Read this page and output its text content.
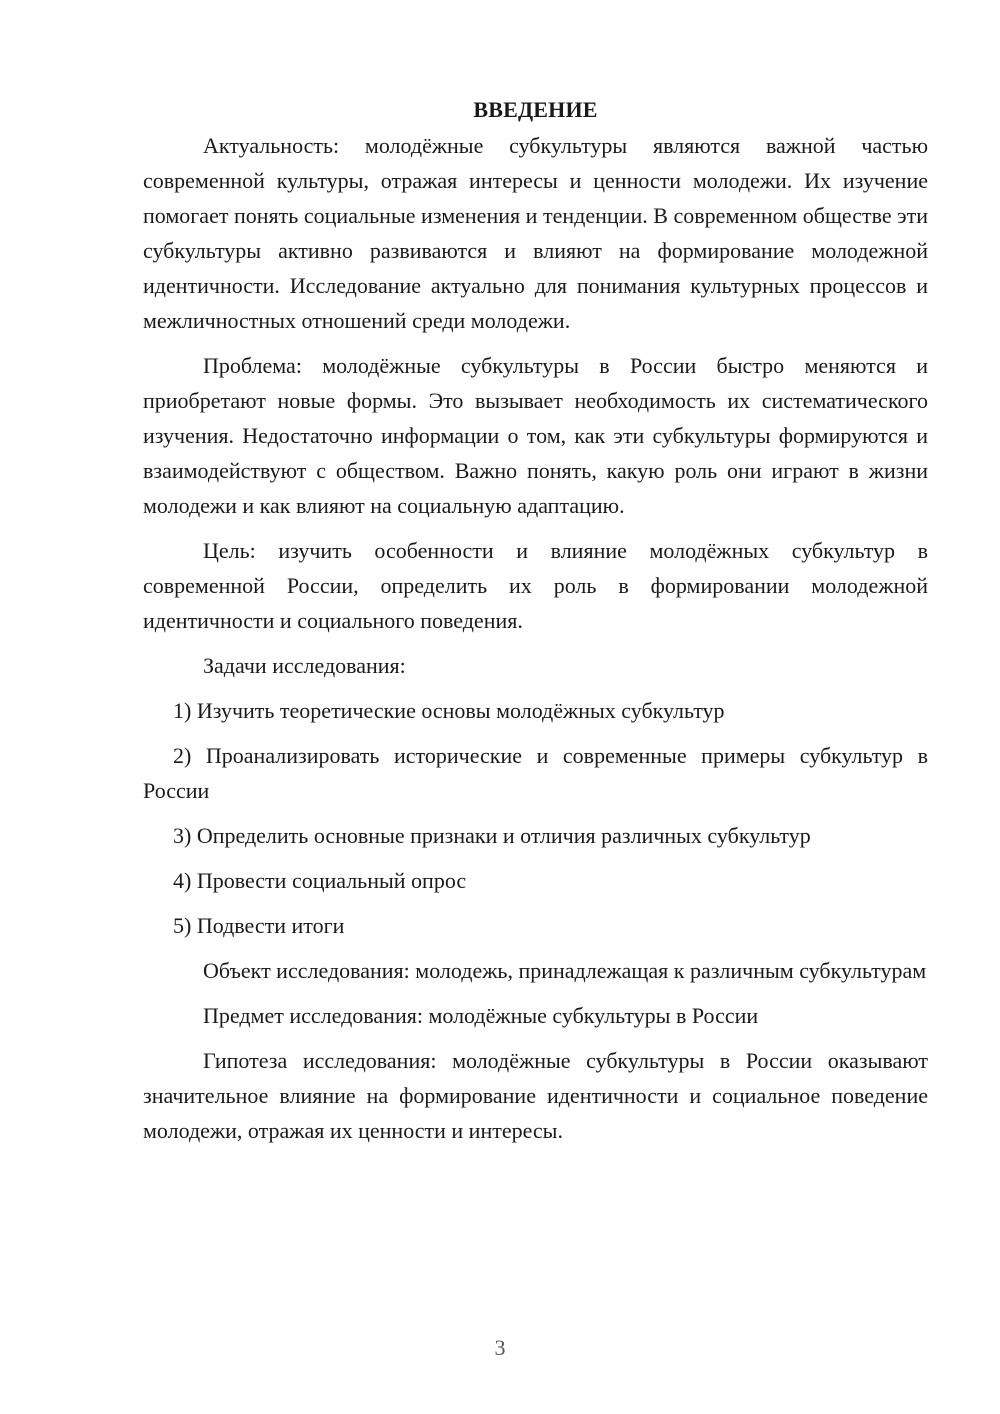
ВВЕДЕНИЕ

Актуальность: молодёжные субкультуры являются важной частью современной культуры, отражая интересы и ценности молодежи. Их изучение помогает понять социальные изменения и тенденции. В современном обществе эти субкультуры активно развиваются и влияют на формирование молодежной идентичности. Исследование актуально для понимания культурных процессов и межличностных отношений среди молодежи.

Проблема: молодёжные субкультуры в России быстро меняются и приобретают новые формы. Это вызывает необходимость их систематического изучения. Недостаточно информации о том, как эти субкультуры формируются и взаимодействуют с обществом. Важно понять, какую роль они играют в жизни молодежи и как влияют на социальную адаптацию.

Цель: изучить особенности и влияние молодёжных субкультур в современной России, определить их роль в формировании молодежной идентичности и социального поведения.

Задачи исследования:

1) Изучить теоретические основы молодёжных субкультур

2) Проанализировать исторические и современные примеры субкультур в России

3) Определить основные признаки и отличия различных субкультур

4) Провести социальный опрос

5) Подвести итоги

Объект исследования: молодежь, принадлежащая к различным субкультурам

Предмет исследования: молодёжные субкультуры в России

Гипотеза исследования: молодёжные субкультуры в России оказывают значительное влияние на формирование идентичности и социальное поведение молодежи, отражая их ценности и интересы.

3
